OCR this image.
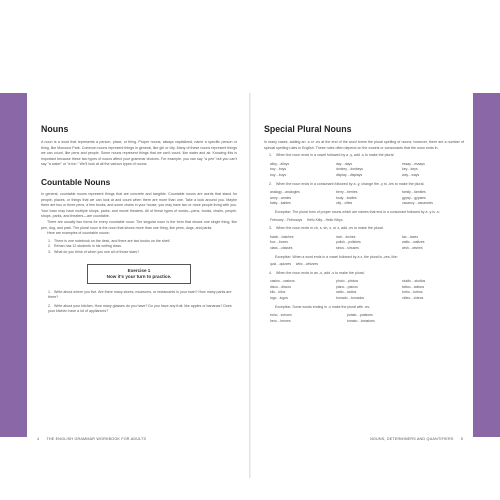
Nouns

A noun is a word that represents a person, place, or thing. Proper nouns, always capitalized, name a specific person or thing, like Monsoor Park. Common nouns represent things in general, like girl or city. Many of these nouns represent things we can count, like pens and people. Some nouns represent things that we can't count, like water and air. Knowing this is important because these two types of nouns affect your grammar choices. For example, you can say "a pen" but you can't say "a water" or "a fun." We'll look at all the various types of nouns.

Countable Nouns

In general, countable nouns represent things that are concrete and tangible. Countable nouns are words that stand for people, places, or things that we can look at and count when there are more than one. Take a look around you. Maybe there are two or three pens, a few books, and some chairs in your house; you may have two or more people living with you. Your town may have multiple shops, parks, and movie theaters. All of these types of words—pens, books, chairs, people, shops, parks, and theaters—are countable.

There are usually two forms for every countable noun. The singular noun is the form that shows one single thing, like pen, dog, and park. The plural noun is the noun that shows more than one thing, like pens, dogs, and parks.

Here are examples of countable nouns:

1. There is one notebook on the desk, and there are two books on the shelf.
2. Rehan has 12 students in his writing class.
3. What do you think of when you see all of those stars?
Exercise 1
Now it's your turn to practice.
1. Write about where you live. Are there many stores, museums, or restaurants in your town? How many parks are there?
2. Write about your kitchen. How many glasses do you have? Do you have any fruit, like apples or bananas? Does your kitchen have a lot of appliances?
Special Plural Nouns

In many cases, adding an -s or -es at the end of the word forms the plural spelling of nouns; however, there are a number of special spelling rules in English. These rules often depend on the vowels or consonants that the noun ends in.

1. When the noun ends in a vowel followed by a -y, add -s to make the plural.
alloy…alloys	day…days	essay…essays
boy…boys	donkey…donkeys	key…keys
buy…buys	display…displays	way…ways
2. When the noun ends in a consonant followed by a -y, change the -y to -ies to make the plural.
analogy…analogies	berry…berries	family…families
army…armies	body…bodies	gypsy…gypsies
baby…babies	city…cities	vacancy…vacancies
Exception: The plural form of proper nouns which are names that end in a consonant followed by a -y is -s:
February…Februarys     Hello Kitty…Hello Kittys
3. When the noun ends in ch, s, sh, x, or z, add -es to make the plural.
batch…batches	inch…inches	tax…taxes
box…boxes	polish…polishes	waltz…waltzes
class…classes	sinus…sinuses	wish…wishes
Exception: When a word ends in a vowel followed by a z, the plural is -zes, like:
quiz…quizzes     whiz…whizzes
4. When the noun ends in an -o, add -s to make the plural.
casino…casinos	photo…photos	studio…studios
disco…discos	piano…pianos	tattoo…tattoos
kilo…kilos	radio…radios	turbo…turbos
logo…logos	tornado…tornados	video…videos
Exception: Some words ending in -o make the plural with -es:
echo…echoes	potato…potatoes
hero…heroes	tomato…tomatoes
4 THE ENGLISH GRAMMAR WORKBOOK FOR ADULTS	NOUNS, DETERMINERS AND QUANTIFIERS 5
